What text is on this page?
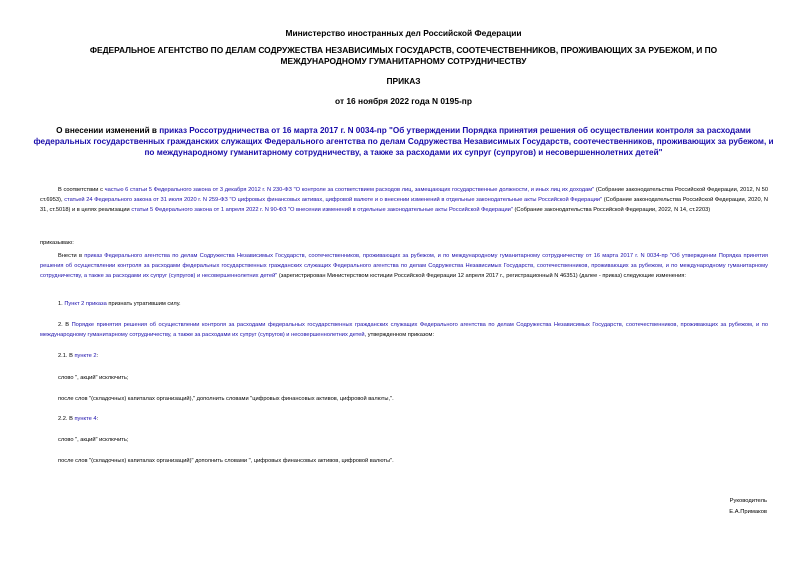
Министерство иностранных дел Российской Федерации

ФЕДЕРАЛЬНОЕ АГЕНТСТВО ПО ДЕЛАМ СОДРУЖЕСТВА НЕЗАВИСИМЫХ ГОСУДАРСТВ, СООТЕЧЕСТВЕННИКОВ, ПРОЖИВАЮЩИХ ЗА РУБЕЖОМ, И ПО МЕЖДУНАРОДНОМУ ГУМАНИТАРНОМУ СОТРУДНИЧЕСТВУ

ПРИКАЗ

от 16 ноября 2022 года N 0195-пр

О внесении изменений в приказ Россотрудничества от 16 марта 2017 г. N 0034-пр "Об утверждении Порядка принятия решения об осуществлении контроля за расходами федеральных государственных гражданских служащих Федерального агентства по делам Содружества Независимых Государств, соотечественников, проживающих за рубежом, и по международному гуманитарному сотрудничеству, а также за расходами их супруг (супругов) и несовершеннолетних детей"

В соответствии с частью 6 статьи 5 Федерального закона от 3 декабря 2012 г. N 230-ФЗ "О контроле за соответствием расходов лиц, замещающих государственные должности, и иных лиц их доходам" (Собрание законодательства Российской Федерации, 2012, N 50 ст.6953), статьей 24 Федерального закона от 31 июля 2020 г. N 259-ФЗ "О цифровых финансовых активах, цифровой валюте и о внесении изменений в отдельные законодательные акты Российской Федерации" (Собрание законодательства Российской Федерации, 2020, N 31, ст.5018) и в целях реализации статьи 5 Федерального закона от 1 апреля 2022 г. N 90-ФЗ "О внесении изменений в отдельные законодательные акты Российской Федерации" (Собрание законодательства Российской Федерации, 2022, N 14, ст.2203)

приказываю:

Внести в приказ Федерального агентства по делам Содружества Независимых Государств, соотечественников, проживающих за рубежом, и по международному гуманитарному сотрудничеству от 16 марта 2017 г. N 0034-пр "Об утверждении Порядка принятия решения об осуществлении контроля за расходами федеральных государственных гражданских служащих Федерального агентства по делам Содружества Независимых Государств, соотечественников, проживающих за рубежом, и по международному гуманитарному сотрудничеству, а также за расходами их супруг (супругов) и несовершеннолетних детей" (зарегистрирован Министерством юстиции Российской Федерации 12 апреля 2017 г., регистрационный N 46351) (далее - приказ) следующие изменения:

1. Пункт 2 приказа признать утратившим силу.

2. В Порядке принятия решения об осуществлении контроля за расходами федеральных государственных гражданских служащих Федерального агентства по делам Содружества Независимых Государств, соотечественников, проживающих за рубежом, и по международному гуманитарному сотрудничеству, а также за расходами их супруг (супругов) и несовершеннолетних детей, утвержденном приказом:

2.1. В пункте 2:

слово ", акций" исключить;

после слов "(складочных) капиталах организаций)," дополнить словами "цифровых финансовых активов, цифровой валюты,".

2.2. В пункте 4:

слово ", акций" исключить;

после слов "(складочных) капиталах организаций)" дополнить словами ", цифровых финансовых активов, цифровой валюты".

Руководитель

Е.А.Примаков
